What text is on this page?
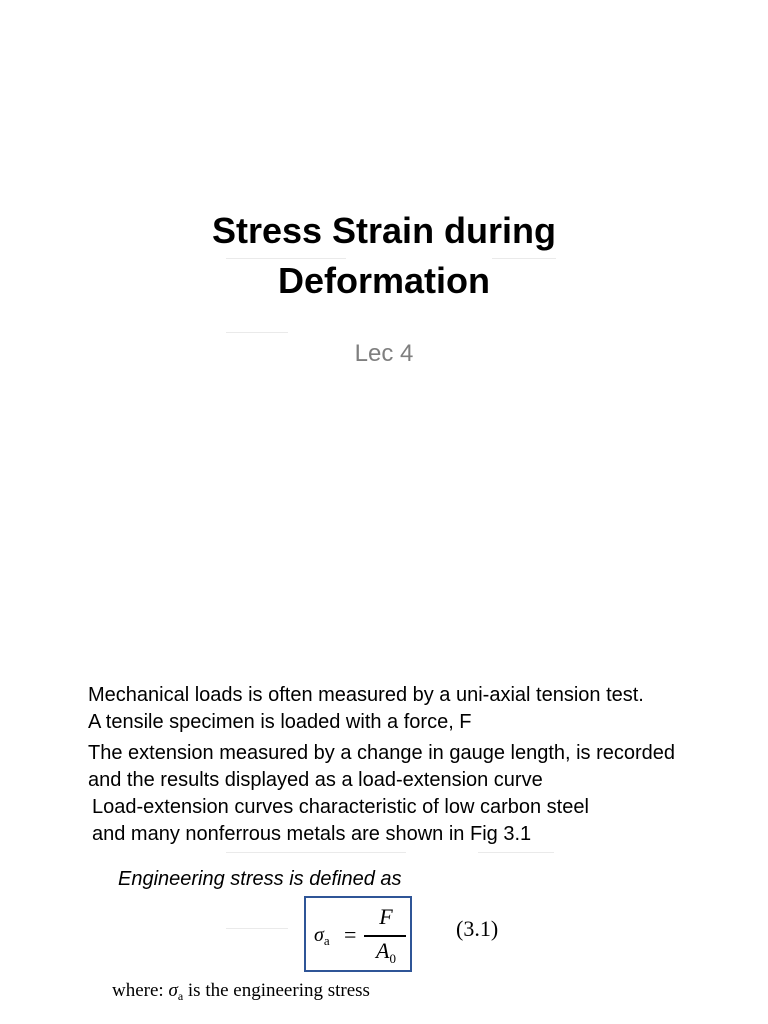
Stress Strain during
Deformation

Lec 4

Mechanical loads is often measured by a uni-axial tension test.

A tensile specimen is loaded with a force, F

The extension measured by a change in gauge length, is recorded

and the results displayed as a load-extension curve

Load-extension curves characteristic of low carbon steel

and many nonferrous metals are shown in Fig 3.1

Engineering stress is defined as

$\sigma_a$ =
F
$A_0$
(3.1)
where: $\sigma_a$ is the engineering stress
